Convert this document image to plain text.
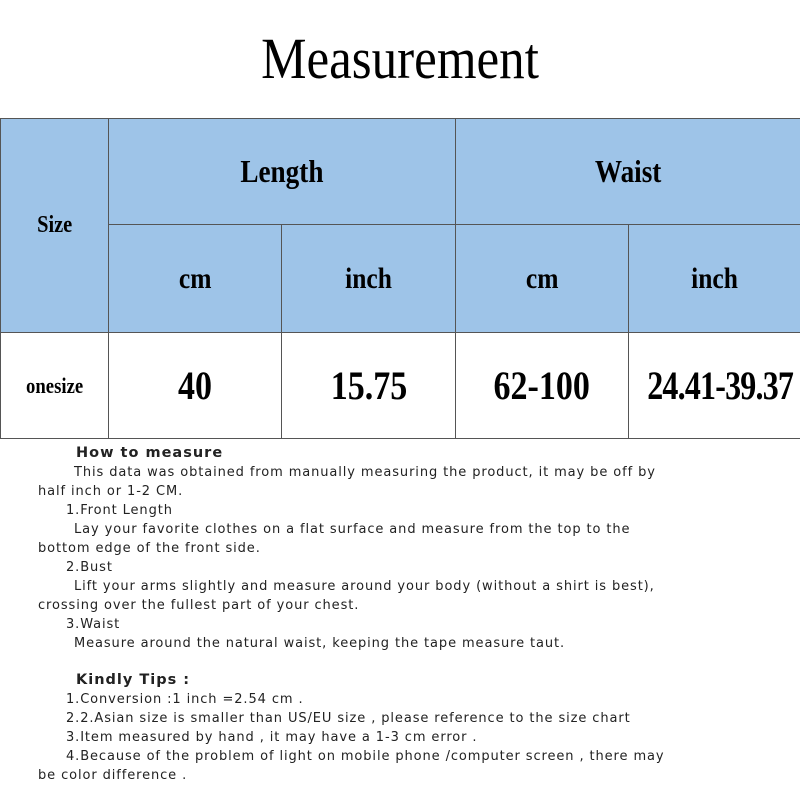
Measurement
Size	Length		Waist	
	cm	inch	cm	inch
onesize	40	15.75	62-100	24.41-39.37
How to measure
This data was obtained from manually measuring the product, it may be off by
half inch or 1-2 CM.
1.Front Length
Lay your favorite clothes on a flat surface and measure from the top to the
bottom edge of the front side.
2.Bust
Lift your arms slightly and measure around your body (without a shirt is best),
crossing over the fullest part of your chest.
3.Waist
Measure around the natural waist, keeping the tape measure taut.
Kindly Tips :
1.Conversion :1 inch =2.54 cm .
2.2.Asian size is smaller than US/EU size , please reference to the size chart
3.Item measured by hand , it may have a 1-3 cm error .
4.Because of the problem of light on mobile phone /computer screen , there may
be color difference .
